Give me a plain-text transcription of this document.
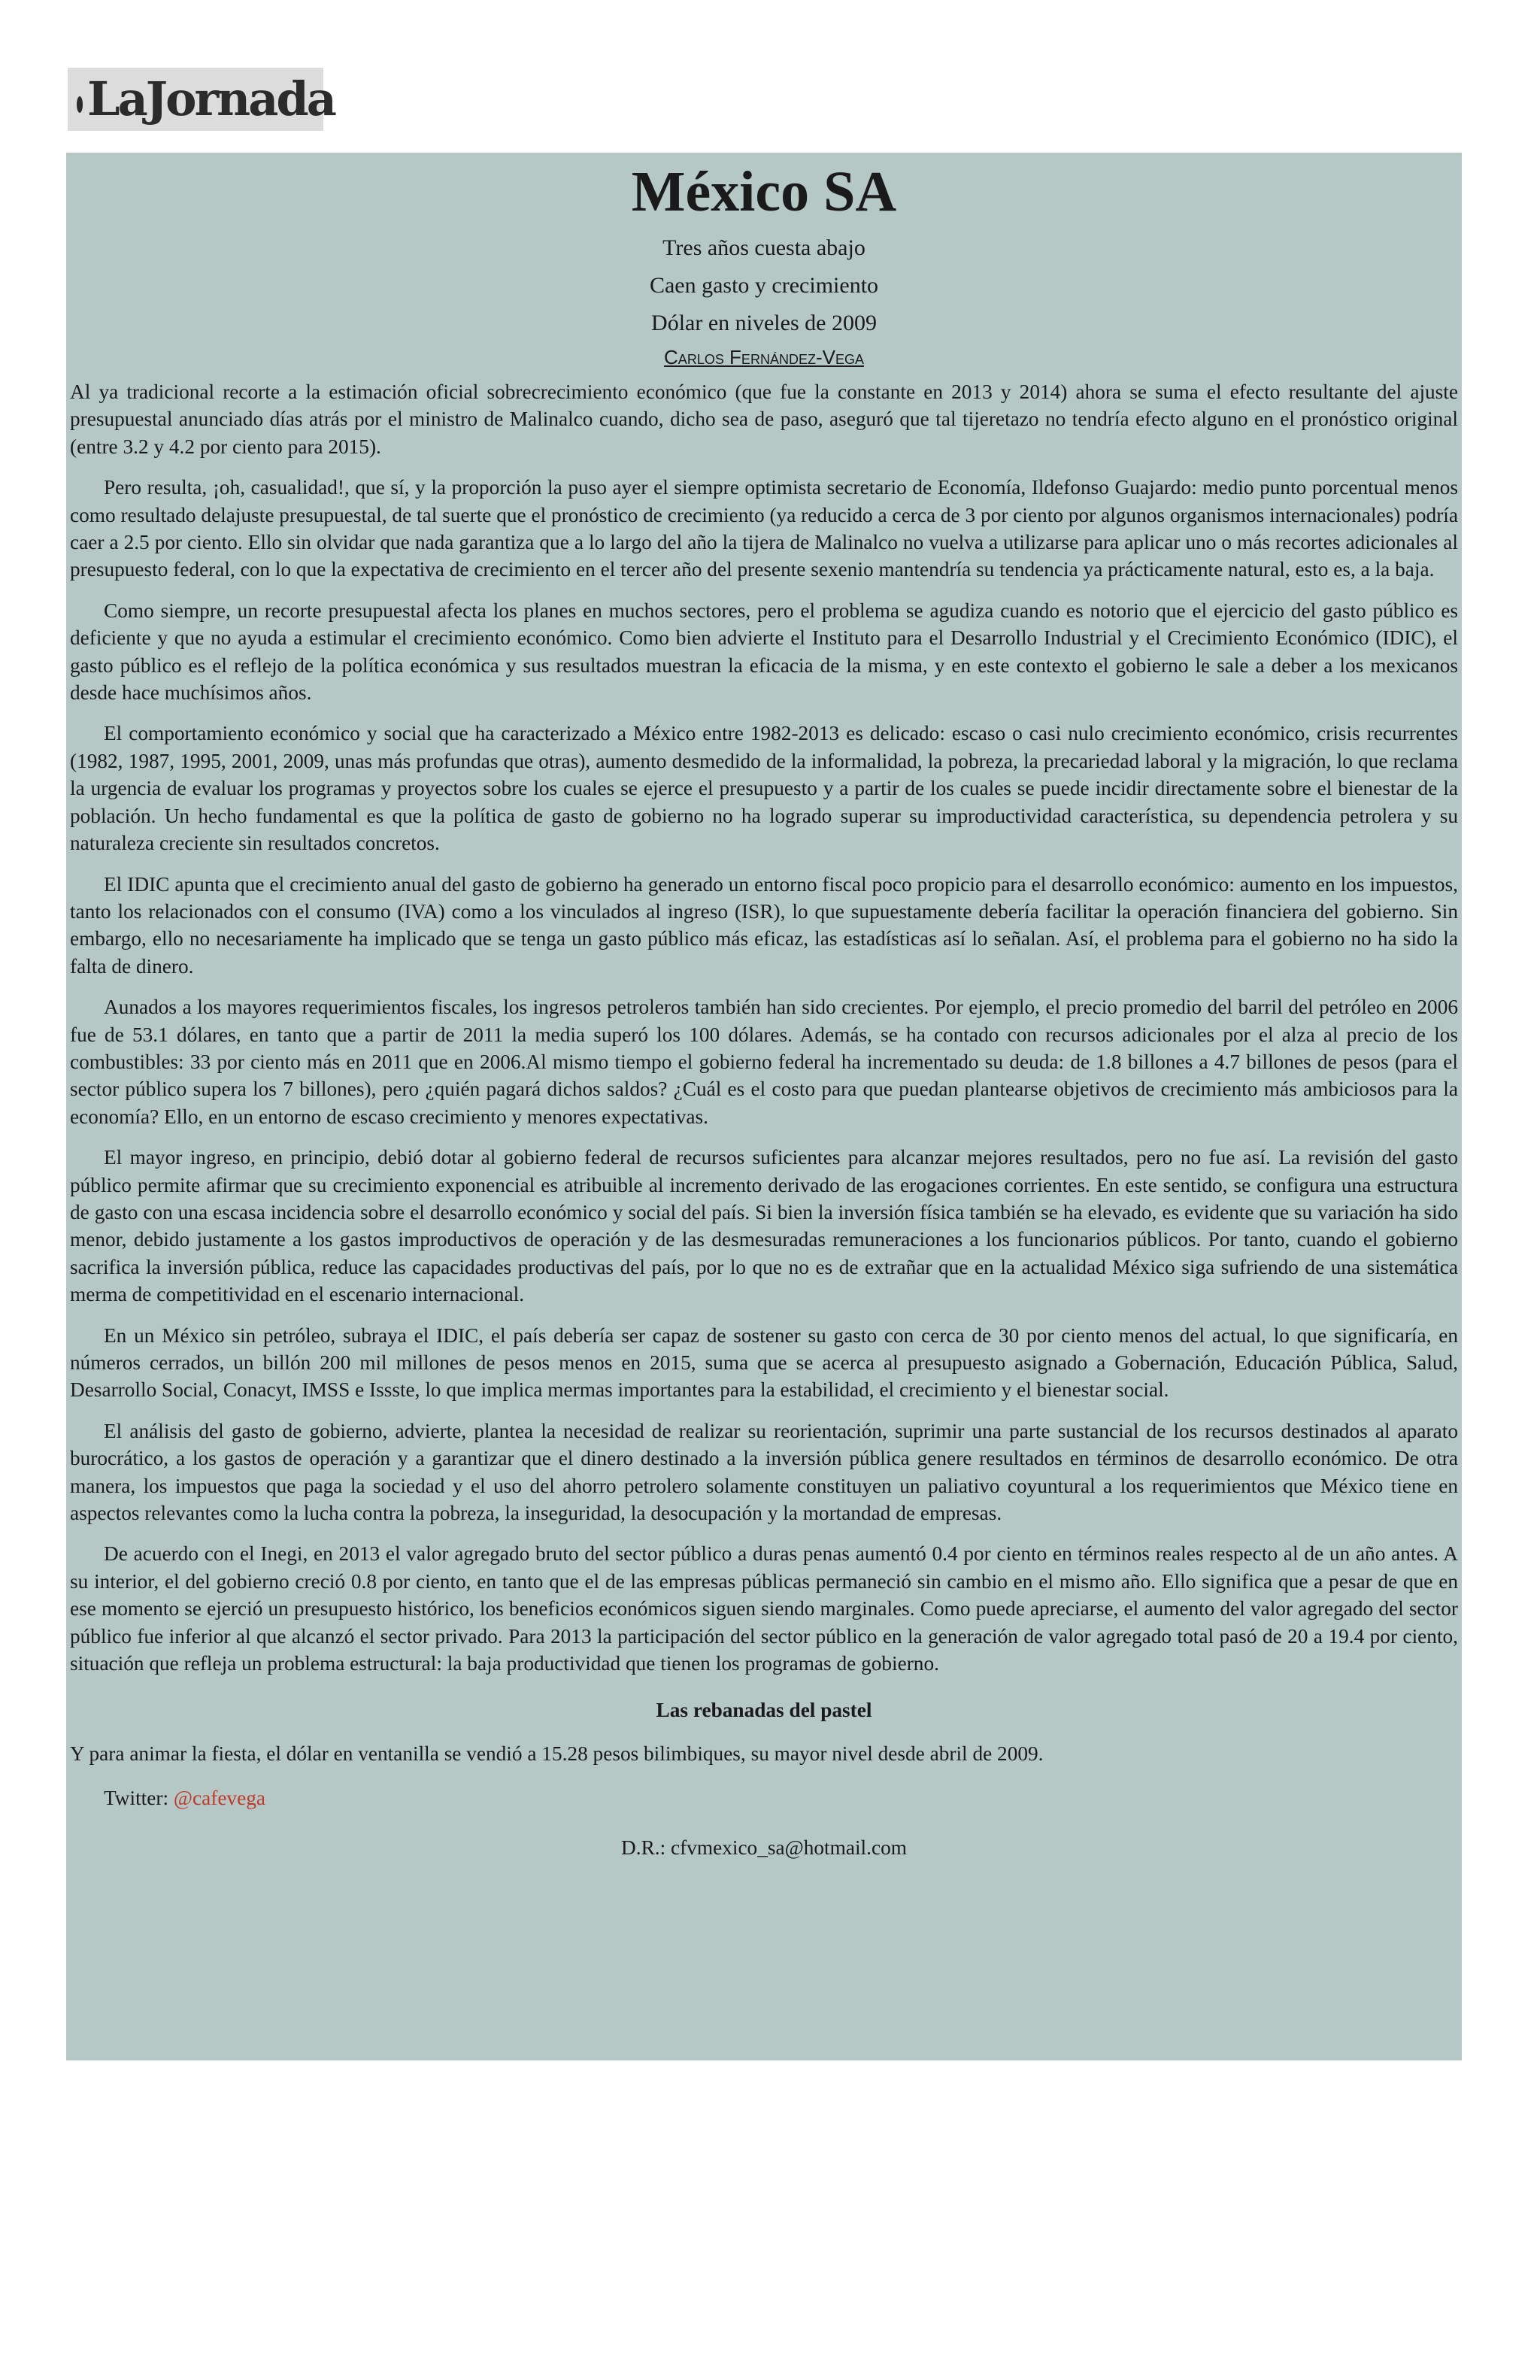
LaJornada
México SA

Tres años cuesta abajo

Caen gasto y crecimiento

Dólar en niveles de 2009

Carlos Fernández-Vega

Al ya tradicional recorte a la estimación oficial sobrecrecimiento económico (que fue la constante en 2013 y 2014) ahora se suma el efecto resultante del ajuste presupuestal anunciado días atrás por el ministro de Malinalco cuando, dicho sea de paso, aseguró que tal tijeretazo no tendría efecto alguno en el pronóstico original (entre 3.2 y 4.2 por ciento para 2015).

Pero resulta, ¡oh, casualidad!, que sí, y la proporción la puso ayer el siempre optimista secretario de Economía, Ildefonso Guajardo: medio punto porcentual menos como resultado delajuste presupuestal, de tal suerte que el pronóstico de crecimiento (ya reducido a cerca de 3 por ciento por algunos organismos internacionales) podría caer a 2.5 por ciento. Ello sin olvidar que nada garantiza que a lo largo del año la tijera de Malinalco no vuelva a utilizarse para aplicar uno o más recortes adicionales al presupuesto federal, con lo que la expectativa de crecimiento en el tercer año del presente sexenio mantendría su tendencia ya prácticamente natural, esto es, a la baja.

Como siempre, un recorte presupuestal afecta los planes en muchos sectores, pero el problema se agudiza cuando es notorio que el ejercicio del gasto público es deficiente y que no ayuda a estimular el crecimiento económico. Como bien advierte el Instituto para el Desarrollo Industrial y el Crecimiento Económico (IDIC), el gasto público es el reflejo de la política económica y sus resultados muestran la eficacia de la misma, y en este contexto el gobierno le sale a deber a los mexicanos desde hace muchísimos años.

El comportamiento económico y social que ha caracterizado a México entre 1982-2013 es delicado: escaso o casi nulo crecimiento económico, crisis recurrentes (1982, 1987, 1995, 2001, 2009, unas más profundas que otras), aumento desmedido de la informalidad, la pobreza, la precariedad laboral y la migración, lo que reclama la urgencia de evaluar los programas y proyectos sobre los cuales se ejerce el presupuesto y a partir de los cuales se puede incidir directamente sobre el bienestar de la población. Un hecho fundamental es que la política de gasto de gobierno no ha logrado superar su improductividad característica, su dependencia petrolera y su naturaleza creciente sin resultados concretos.

El IDIC apunta que el crecimiento anual del gasto de gobierno ha generado un entorno fiscal poco propicio para el desarrollo económico: aumento en los impuestos, tanto los relacionados con el consumo (IVA) como a los vinculados al ingreso (ISR), lo que supuestamente debería facilitar la operación financiera del gobierno. Sin embargo, ello no necesariamente ha implicado que se tenga un gasto público más eficaz, las estadísticas así lo señalan. Así, el problema para el gobierno no ha sido la falta de dinero.

Aunados a los mayores requerimientos fiscales, los ingresos petroleros también han sido crecientes. Por ejemplo, el precio promedio del barril del petróleo en 2006 fue de 53.1 dólares, en tanto que a partir de 2011 la media superó los 100 dólares. Además, se ha contado con recursos adicionales por el alza al precio de los combustibles: 33 por ciento más en 2011 que en 2006.Al mismo tiempo el gobierno federal ha incrementado su deuda: de 1.8 billones a 4.7 billones de pesos (para el sector público supera los 7 billones), pero ¿quién pagará dichos saldos? ¿Cuál es el costo para que puedan plantearse objetivos de crecimiento más ambiciosos para la economía? Ello, en un entorno de escaso crecimiento y menores expectativas.

El mayor ingreso, en principio, debió dotar al gobierno federal de recursos suficientes para alcanzar mejores resultados, pero no fue así. La revisión del gasto público permite afirmar que su crecimiento exponencial es atribuible al incremento derivado de las erogaciones corrientes. En este sentido, se configura una estructura de gasto con una escasa incidencia sobre el desarrollo económico y social del país. Si bien la inversión física también se ha elevado, es evidente que su variación ha sido menor, debido justamente a los gastos improductivos de operación y de las desmesuradas remuneraciones a los funcionarios públicos. Por tanto, cuando el gobierno sacrifica la inversión pública, reduce las capacidades productivas del país, por lo que no es de extrañar que en la actualidad México siga sufriendo de una sistemática merma de competitividad en el escenario internacional.

En un México sin petróleo, subraya el IDIC, el país debería ser capaz de sostener su gasto con cerca de 30 por ciento menos del actual, lo que significaría, en números cerrados, un billón 200 mil millones de pesos menos en 2015, suma que se acerca al presupuesto asignado a Gobernación, Educación Pública, Salud, Desarrollo Social, Conacyt, IMSS e Issste, lo que implica mermas importantes para la estabilidad, el crecimiento y el bienestar social.

El análisis del gasto de gobierno, advierte, plantea la necesidad de realizar su reorientación, suprimir una parte sustancial de los recursos destinados al aparato burocrático, a los gastos de operación y a garantizar que el dinero destinado a la inversión pública genere resultados en términos de desarrollo económico. De otra manera, los impuestos que paga la sociedad y el uso del ahorro petrolero solamente constituyen un paliativo coyuntural a los requerimientos que México tiene en aspectos relevantes como la lucha contra la pobreza, la inseguridad, la desocupación y la mortandad de empresas.

De acuerdo con el Inegi, en 2013 el valor agregado bruto del sector público a duras penas aumentó 0.4 por ciento en términos reales respecto al de un año antes. A su interior, el del gobierno creció 0.8 por ciento, en tanto que el de las empresas públicas permaneció sin cambio en el mismo año. Ello significa que a pesar de que en ese momento se ejerció un presupuesto histórico, los beneficios económicos siguen siendo marginales. Como puede apreciarse, el aumento del valor agregado del sector público fue inferior al que alcanzó el sector privado. Para 2013 la participación del sector público en la generación de valor agregado total pasó de 20 a 19.4 por ciento, situación que refleja un problema estructural: la baja productividad que tienen los programas de gobierno.

Las rebanadas del pastel

Y para animar la fiesta, el dólar en ventanilla se vendió a 15.28 pesos bilimbiques, su mayor nivel desde abril de 2009.

Twitter: @cafevega
D.R.: cfvmexico_sa@hotmail.com
